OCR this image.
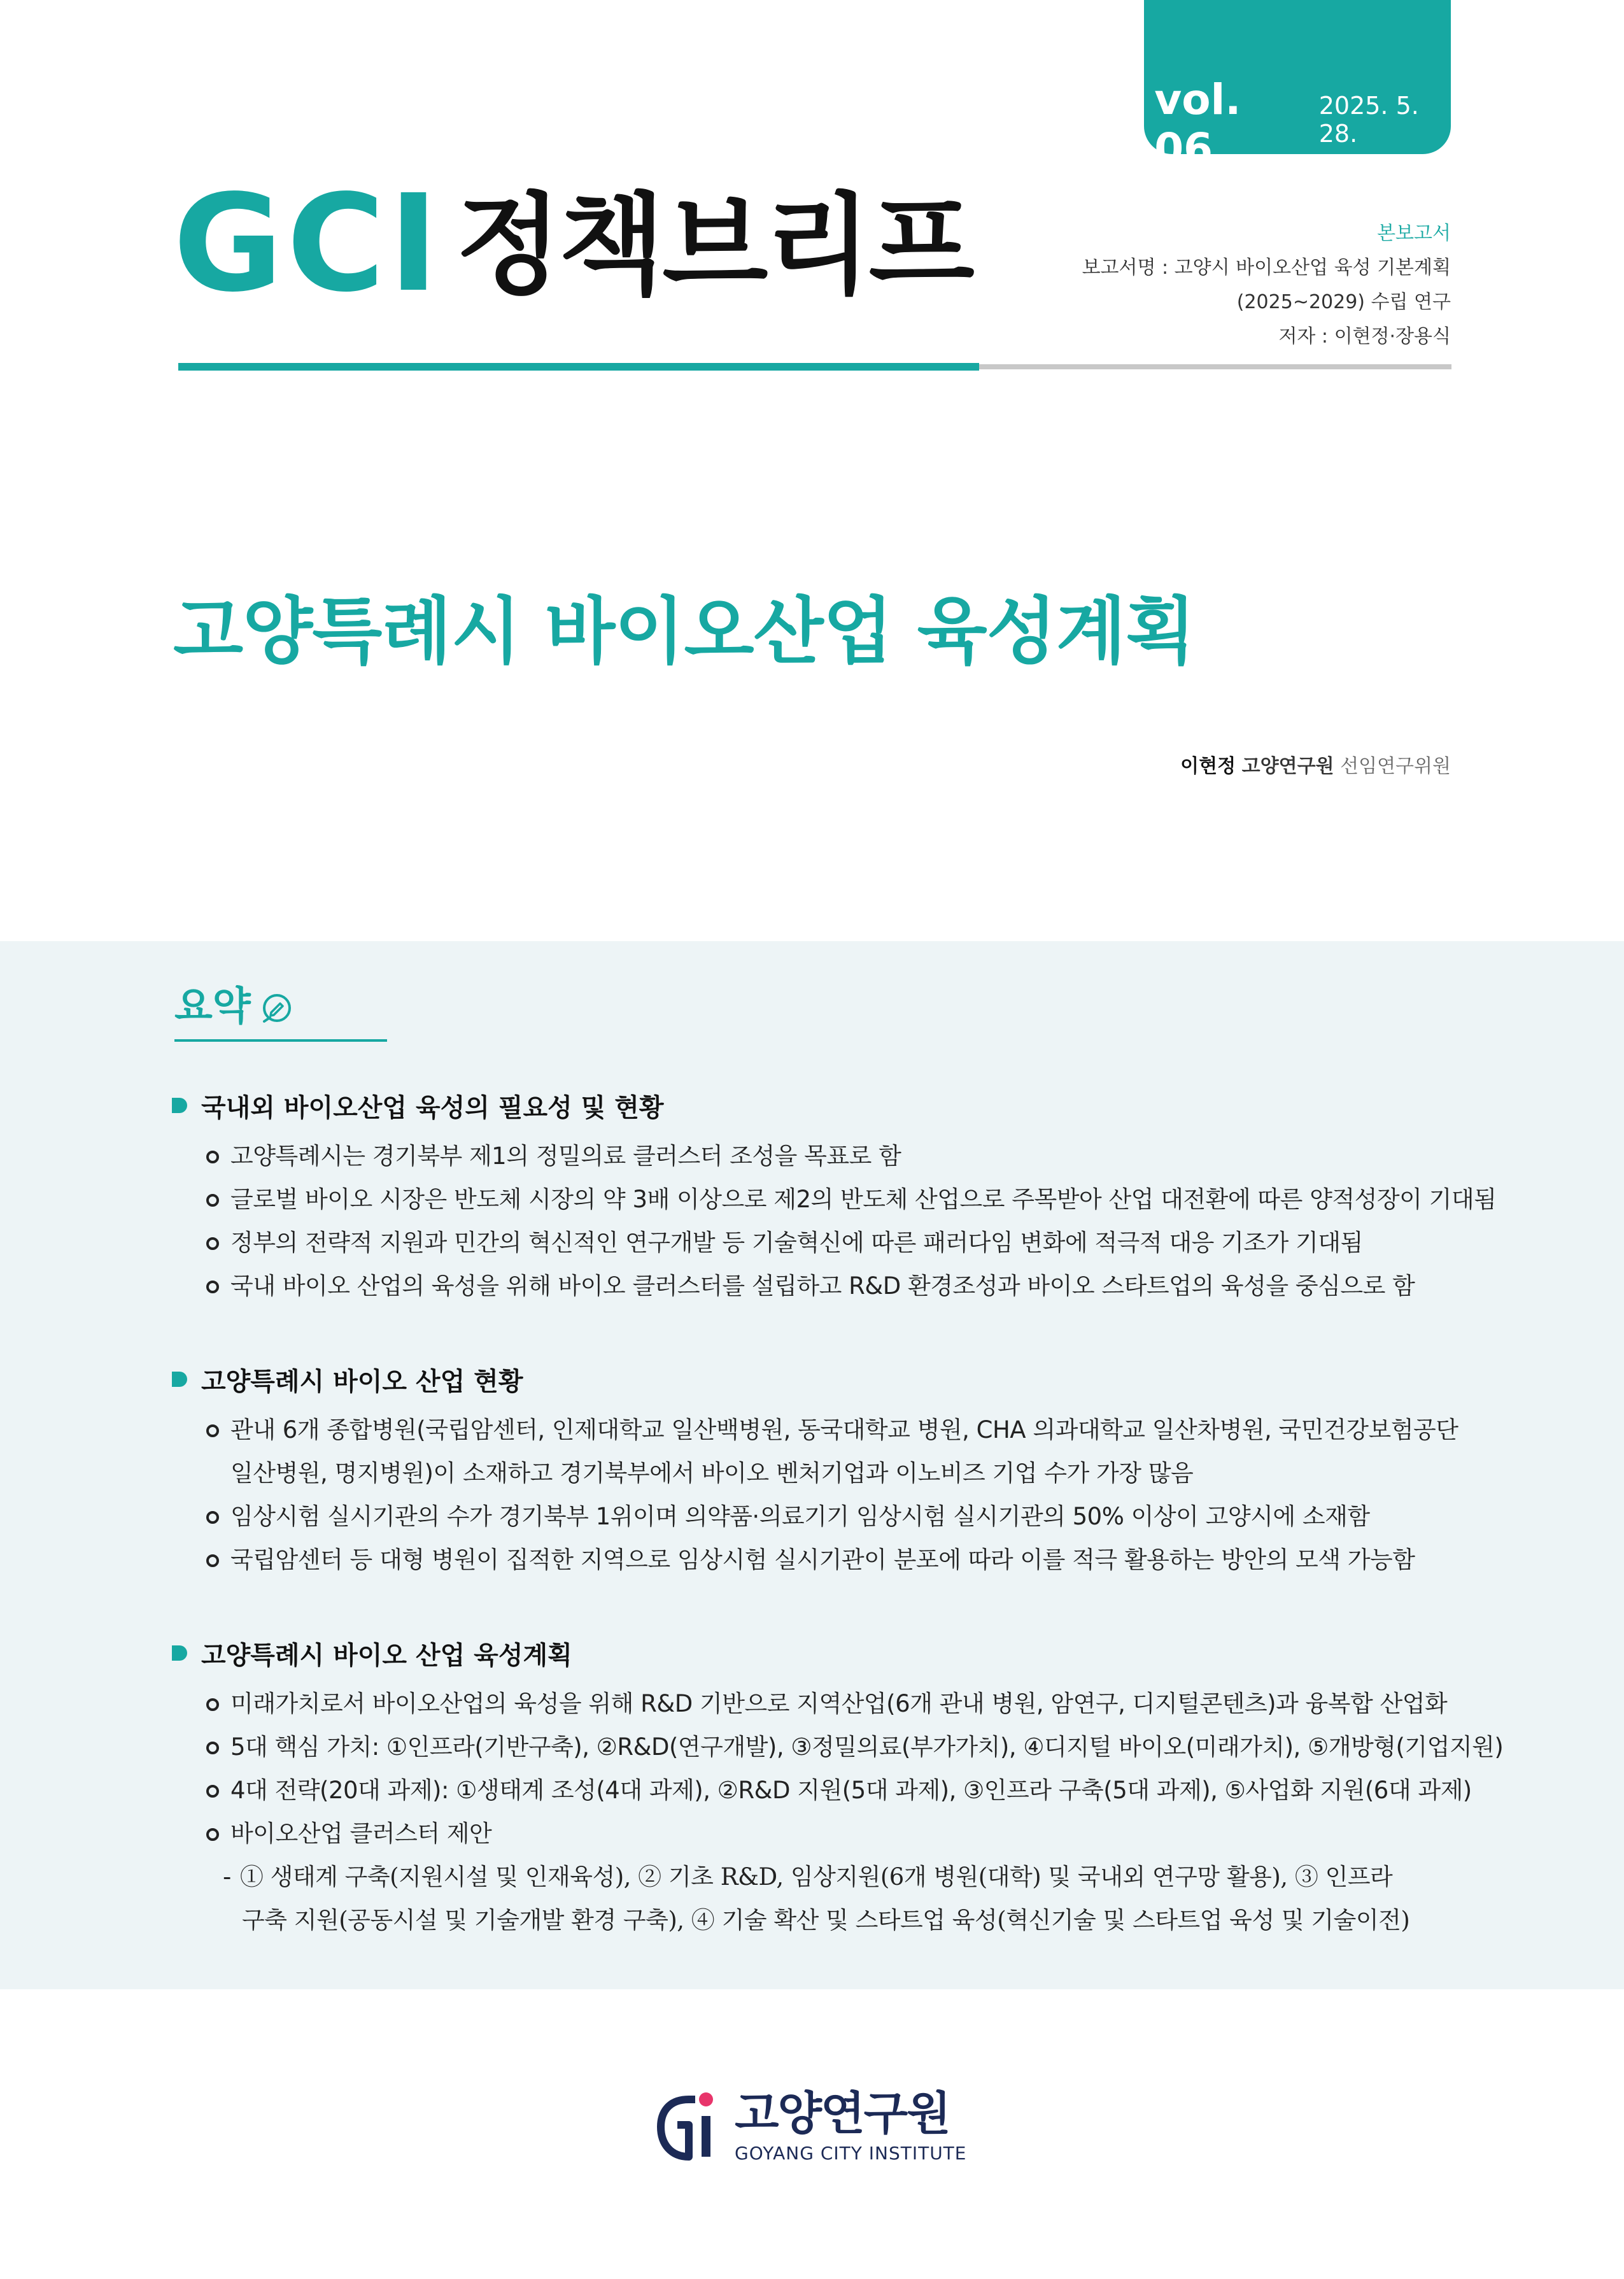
vol. 06
2025. 5. 28.
GCI 정책브리프	본보고서
보고서명 : 고양시 바이오산업 육성 기본계획
(2025~2029) 수립 연구
저자 : 이현정·장용식
고양특례시 바이오산업 육성계획
이현정 고양연구원 선임연구위원
요약
국내외 바이오산업 육성의 필요성 및 현황
고양특례시는 경기북부 제1의 정밀의료 클러스터 조성을 목표로 함
글로벌 바이오 시장은 반도체 시장의 약 3배 이상으로 제2의 반도체 산업으로 주목받아 산업 대전환에 따른 양적성장이 기대됨
정부의 전략적 지원과 민간의 혁신적인 연구개발 등 기술혁신에 따른 패러다임 변화에 적극적 대응 기조가 기대됨
국내 바이오 산업의 육성을 위해 바이오 클러스터를 설립하고 R&D 환경조성과 바이오 스타트업의 육성을 중심으로 함
고양특례시 바이오 산업 현황
관내 6개 종합병원(국립암센터, 인제대학교 일산백병원, 동국대학교 병원, CHA 의과대학교 일산차병원, 국민건강보험공단
일산병원, 명지병원)이 소재하고 경기북부에서 바이오 벤처기업과 이노비즈 기업 수가 가장 많음
임상시험 실시기관의 수가 경기북부 1위이며 의약품·의료기기 임상시험 실시기관의 50% 이상이 고양시에 소재함
국립암센터 등 대형 병원이 집적한 지역으로 임상시험 실시기관이 분포에 따라 이를 적극 활용하는 방안의 모색 가능함
고양특례시 바이오 산업 육성계획
미래가치로서 바이오산업의 육성을 위해 R&D 기반으로 지역산업(6개 관내 병원, 암연구, 디지털콘텐츠)과 융복합 산업화
5대 핵심 가치: ①인프라(기반구축), ②R&D(연구개발), ③정밀의료(부가가치), ④디지털 바이오(미래가치), ⑤개방형(기업지원)
4대 전략(20대 과제): ①생태계 조성(4대 과제), ②R&D 지원(5대 과제), ③인프라 구축(5대 과제), ⑤사업화 지원(6대 과제)
바이오산업 클러스터 제안
- ① 생태계 구축(지원시설 및 인재육성), ② 기초 R&D, 임상지원(6개 병원(대학) 및 국내외 연구망 활용), ③ 인프라
구축 지원(공동시설 및 기술개발 환경 구축), ④ 기술 확산 및 스타트업 육성(혁신기술 및 스타트업 육성 및 기술이전)
고양연구원
GOYANG CITY INSTITUTE
